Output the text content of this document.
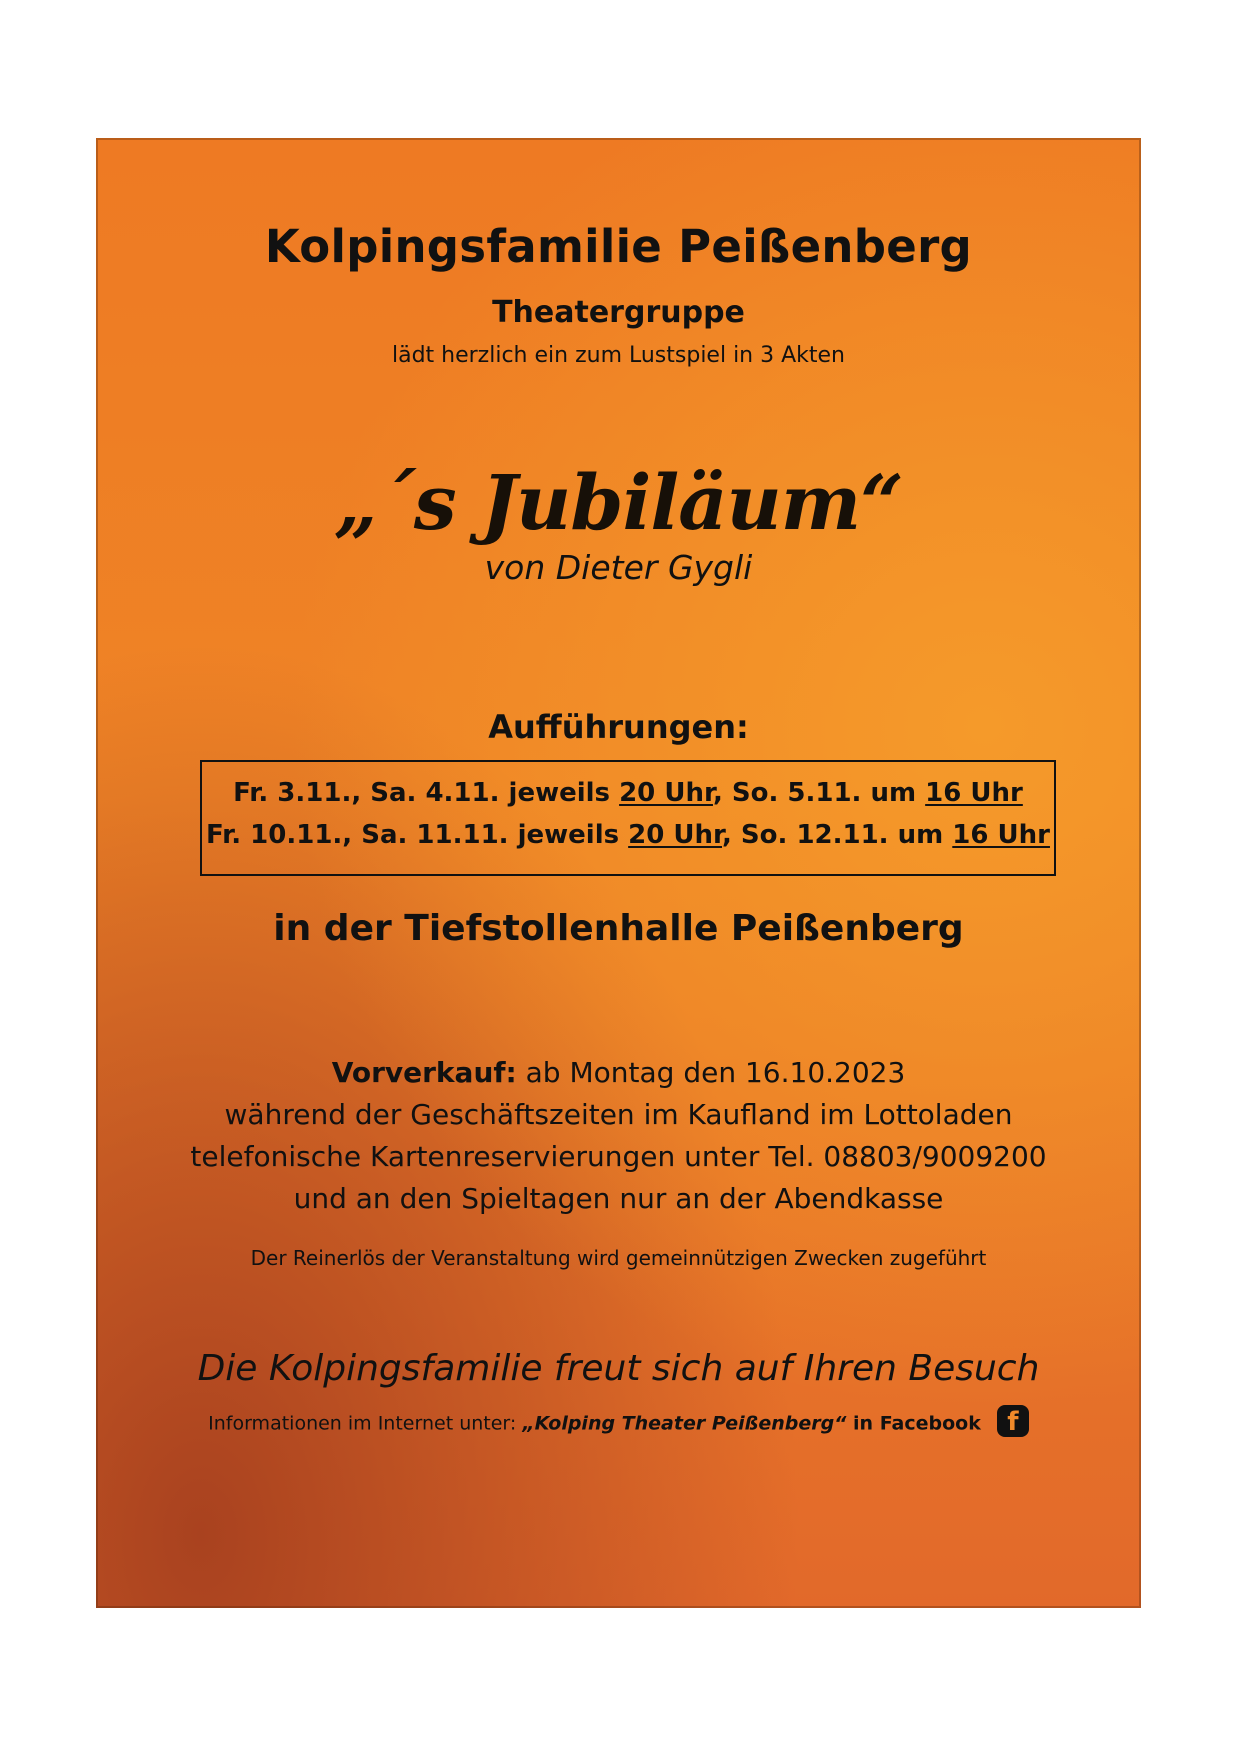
Kolpingsfamilie Peißenberg
Theatergruppe
lädt herzlich ein zum Lustspiel in 3 Akten
„´s Jubiläum“
von Dieter Gygli
Aufführungen:
Fr. 3.11., Sa. 4.11. jeweils 20 Uhr, So. 5.11. um 16 Uhr
Fr. 10.11., Sa. 11.11. jeweils 20 Uhr, So. 12.11. um 16 Uhr
in der Tiefstollenhalle Peißenberg
Vorverkauf: ab Montag den 16.10.2023
während der Geschäftszeiten im Kaufland im Lottoladen
telefonische Kartenreservierungen unter Tel. 08803/9009200
und an den Spieltagen nur an der Abendkasse
Der Reinerlös der Veranstaltung wird gemeinnützigen Zwecken zugeführt
Die Kolpingsfamilie freut sich auf Ihren Besuch
Informationen im Internet unter: „Kolping Theater Peißenberg“ in Facebook f
